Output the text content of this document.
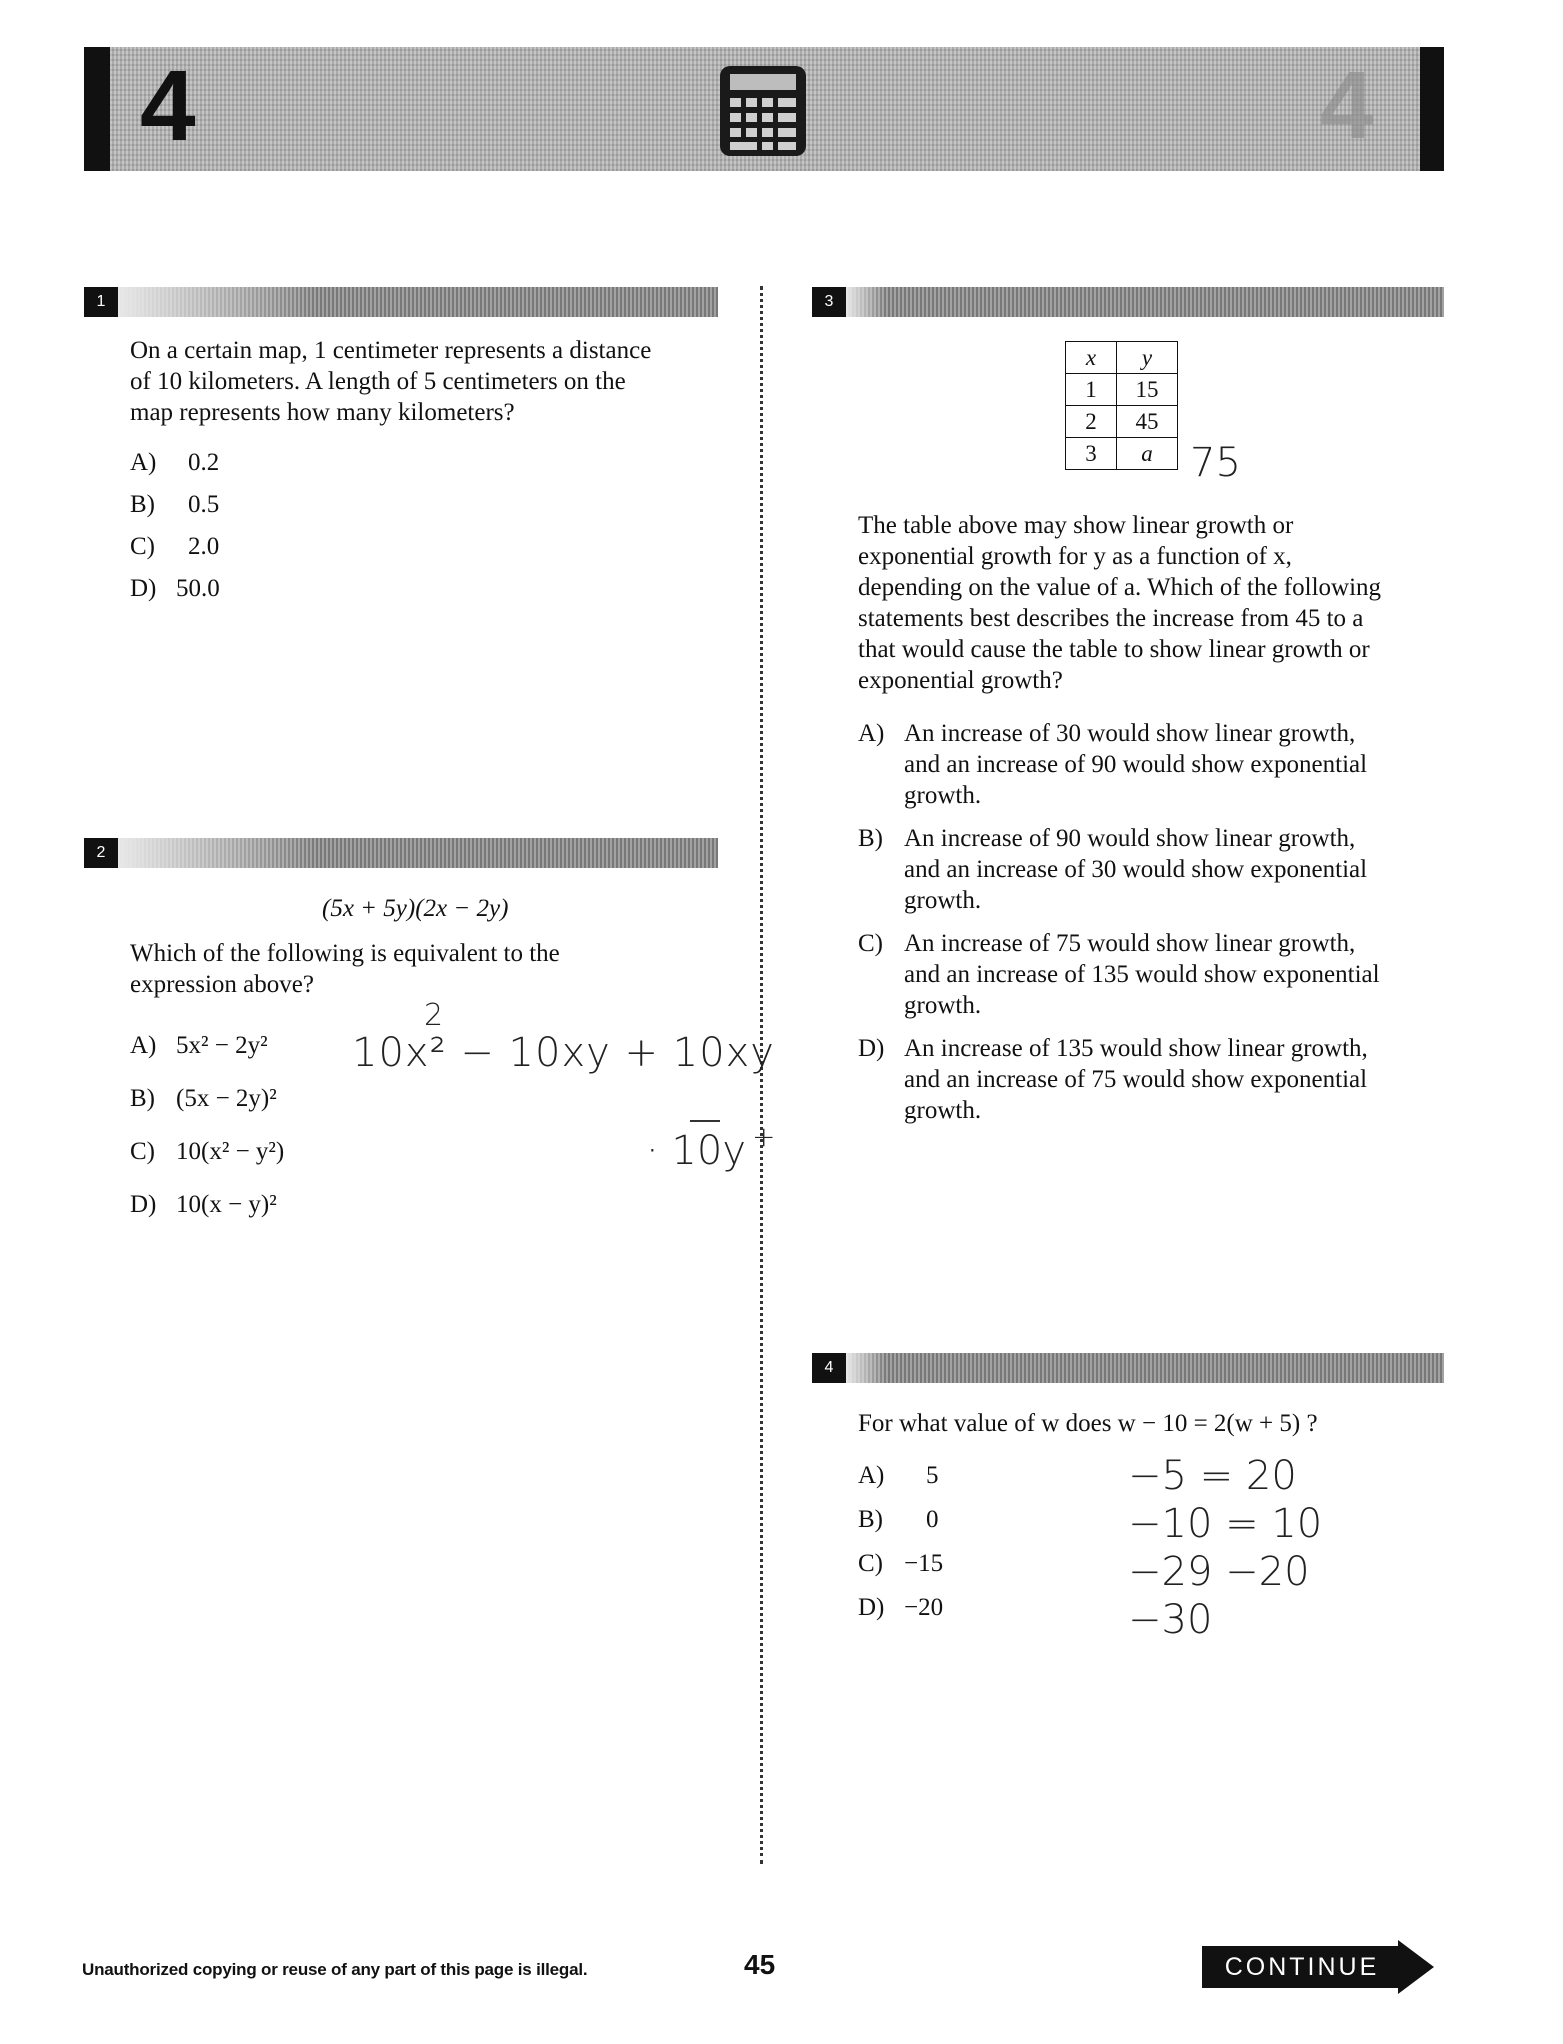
4	4
1
On a certain map, 1 centimeter represents a distance
of 10 kilometers. A length of 5 centimeters on the
map represents how many kilometers?
A) 0.2
B) 0.5
C) 2.0
D) 50.0
2
(5x + 5y)(2x − 2y)
Which of the following is equivalent to the
expression above?
A) 5x² − 2y²
B) (5x − 2y)²
C) 10(x² − y²)
D) 10(x − y)²
2
10x² − 10xy + 10xy
· 10y +
3
x	y
1	15
2	45
3	a 75
The table above may show linear growth or
exponential growth for y as a function of x,
depending on the value of a. Which of the following
statements best describes the increase from 45 to a
that would cause the table to show linear growth or
exponential growth?
A) An increase of 30 would show linear growth,
and an increase of 90 would show exponential
growth.
B) An increase of 90 would show linear growth,
and an increase of 30 would show exponential
growth.
C) An increase of 75 would show linear growth,
and an increase of 135 would show exponential
growth.
D) An increase of 135 would show linear growth,
and an increase of 75 would show exponential
growth.
4
For what value of w does w − 10 = 2(w + 5) ?
A) 5
B) 0
C) −15
D) −20
−5 = 20
−10 = 10
−29 −20
−30
Unauthorized copying or reuse of any part of this page is illegal.	45	CONTINUE
